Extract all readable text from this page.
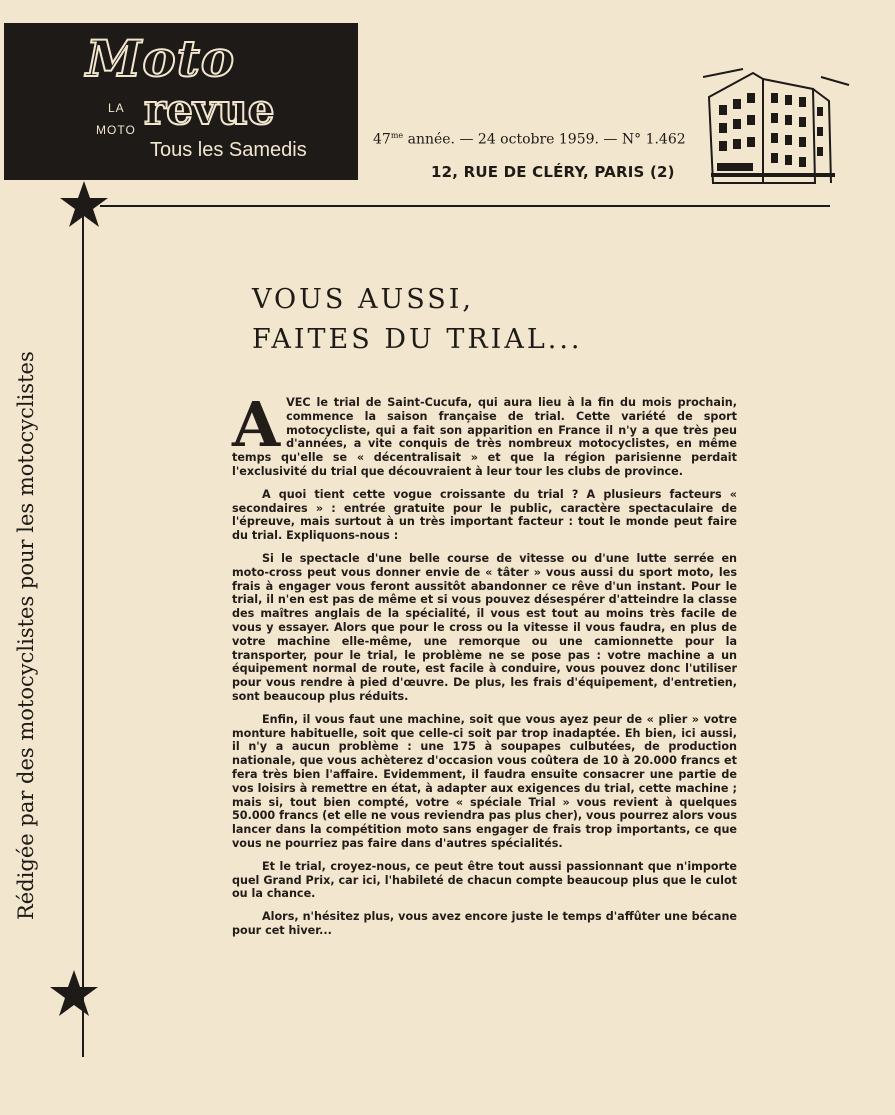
Moto
LA
MOTO revue
Tous les Samedis	$47^{me}$ année. — 24 octobre 1959. — N° 1.462
12, RUE DE CLÉRY, PARIS (2)
Rédigée par des motocyclistes pour les motocyclistes
VOUS AUSSI,
FAITES DU TRIAL...

AVEC le trial de Saint-Cucufa, qui aura lieu à la fin du mois prochain, commence la saison française de trial. Cette variété de sport motocycliste, qui a fait son apparition en France il n'y a que très peu d'années, a vite conquis de très nombreux motocyclistes, en même temps qu'elle se « décentralisait » et que la région parisienne perdait l'exclusivité du trial que découvraient à leur tour les clubs de province.

A quoi tient cette vogue croissante du trial ? A plusieurs facteurs « secondaires » : entrée gratuite pour le public, caractère spectaculaire de l'épreuve, mais surtout à un très important facteur : tout le monde peut faire du trial. Expliquons-nous :

Si le spectacle d'une belle course de vitesse ou d'une lutte serrée en moto-cross peut vous donner envie de « tâter » vous aussi du sport moto, les frais à engager vous feront aussitôt abandonner ce rêve d'un instant. Pour le trial, il n'en est pas de même et si vous pouvez désespérer d'atteindre la classe des maîtres anglais de la spécialité, il vous est tout au moins très facile de vous y essayer. Alors que pour le cross ou la vitesse il vous faudra, en plus de votre machine elle-même, une remorque ou une camionnette pour la transporter, pour le trial, le problème ne se pose pas : votre machine a un équipement normal de route, est facile à conduire, vous pouvez donc l'utiliser pour vous rendre à pied d'œuvre. De plus, les frais d'équipement, d'entretien, sont beaucoup plus réduits.

Enfin, il vous faut une machine, soit que vous ayez peur de « plier » votre monture habituelle, soit que celle-ci soit par trop inadaptée. Eh bien, ici aussi, il n'y a aucun problème : une 175 à soupapes culbutées, de production nationale, que vous achèterez d'occasion vous coûtera de 10 à 20.000 francs et fera très bien l'affaire. Evidemment, il faudra ensuite consacrer une partie de vos loisirs à remettre en état, à adapter aux exigences du trial, cette machine ; mais si, tout bien compté, votre « spéciale Trial » vous revient à quelques 50.000 francs (et elle ne vous reviendra pas plus cher), vous pourrez alors vous lancer dans la compétition moto sans engager de frais trop importants, ce que vous ne pourriez pas faire dans d'autres spécialités.

Et le trial, croyez-nous, ce peut être tout aussi passionnant que n'importe quel Grand Prix, car ici, l'habileté de chacun compte beaucoup plus que le culot ou la chance.

Alors, n'hésitez plus, vous avez encore juste le temps d'affûter une bécane pour cet hiver...
